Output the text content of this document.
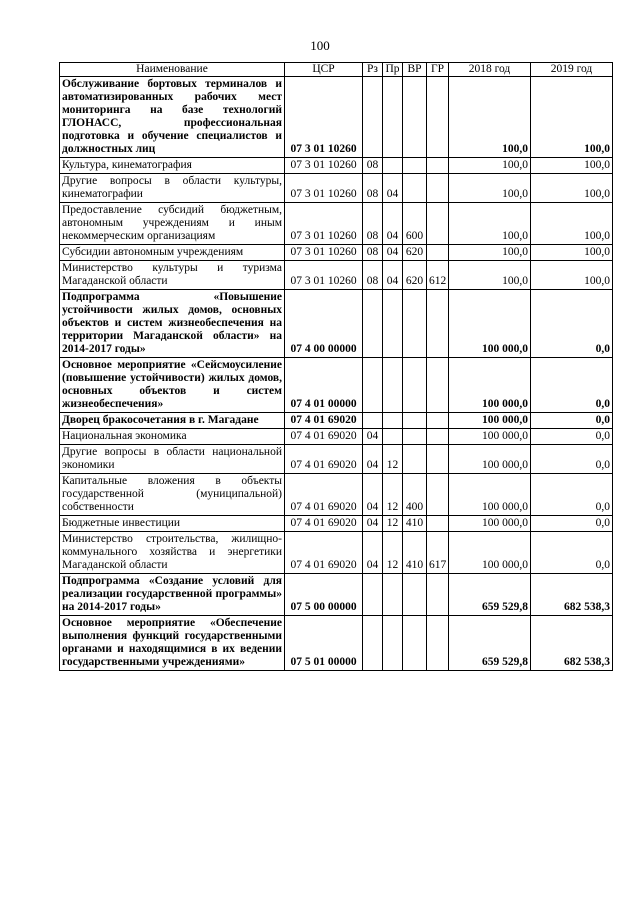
100
Наименование	ЦСР	Рз	Пр	ВР	ГР	2018 год	2019 год
Обслуживание бортовых терминалов и автоматизированных рабочих мест мониторинга на базе технологий ГЛОНАСС, профессиональная подготовка и обучение специалистов и должностных лиц	07 3 01 10260					100,0	100,0
Культура, кинематография	07 3 01 10260	08				100,0	100,0
Другие вопросы в области культуры, кинематографии	07 3 01 10260	08	04			100,0	100,0
Предоставление субсидий бюджетным, автономным учреждениям и иным некоммерческим организациям	07 3 01 10260	08	04	600		100,0	100,0
Субсидии автономным учреждениям	07 3 01 10260	08	04	620		100,0	100,0
Министерство культуры и туризма Магаданской области	07 3 01 10260	08	04	620	612	100,0	100,0
Подпрограмма «Повышение устойчивости жилых домов, основных объектов и систем жизнеобеспечения на территории Магаданской области» на 2014-2017 годы»	07 4 00 00000					100 000,0	0,0
Основное мероприятие «Сейсмоусиление (повышение устойчивости) жилых домов, основных объектов и систем жизнеобеспечения»	07 4 01 00000					100 000,0	0,0
Дворец бракосочетания в г. Магадане	07 4 01 69020					100 000,0	0,0
Национальная экономика	07 4 01 69020	04				100 000,0	0,0
Другие вопросы в области национальной экономики	07 4 01 69020	04	12			100 000,0	0,0
Капитальные вложения в объекты государственной (муниципальной) собственности	07 4 01 69020	04	12	400		100 000,0	0,0
Бюджетные инвестиции	07 4 01 69020	04	12	410		100 000,0	0,0
Министерство строительства, жилищно-коммунального хозяйства и энергетики Магаданской области	07 4 01 69020	04	12	410	617	100 000,0	0,0
Подпрограмма «Создание условий для реализации государственной программы» на 2014-2017 годы»	07 5 00 00000					659 529,8	682 538,3
Основное мероприятие «Обеспечение выполнения функций государственными органами и находящимися в их ведении государственными учреждениями»	07 5 01 00000					659 529,8	682 538,3
